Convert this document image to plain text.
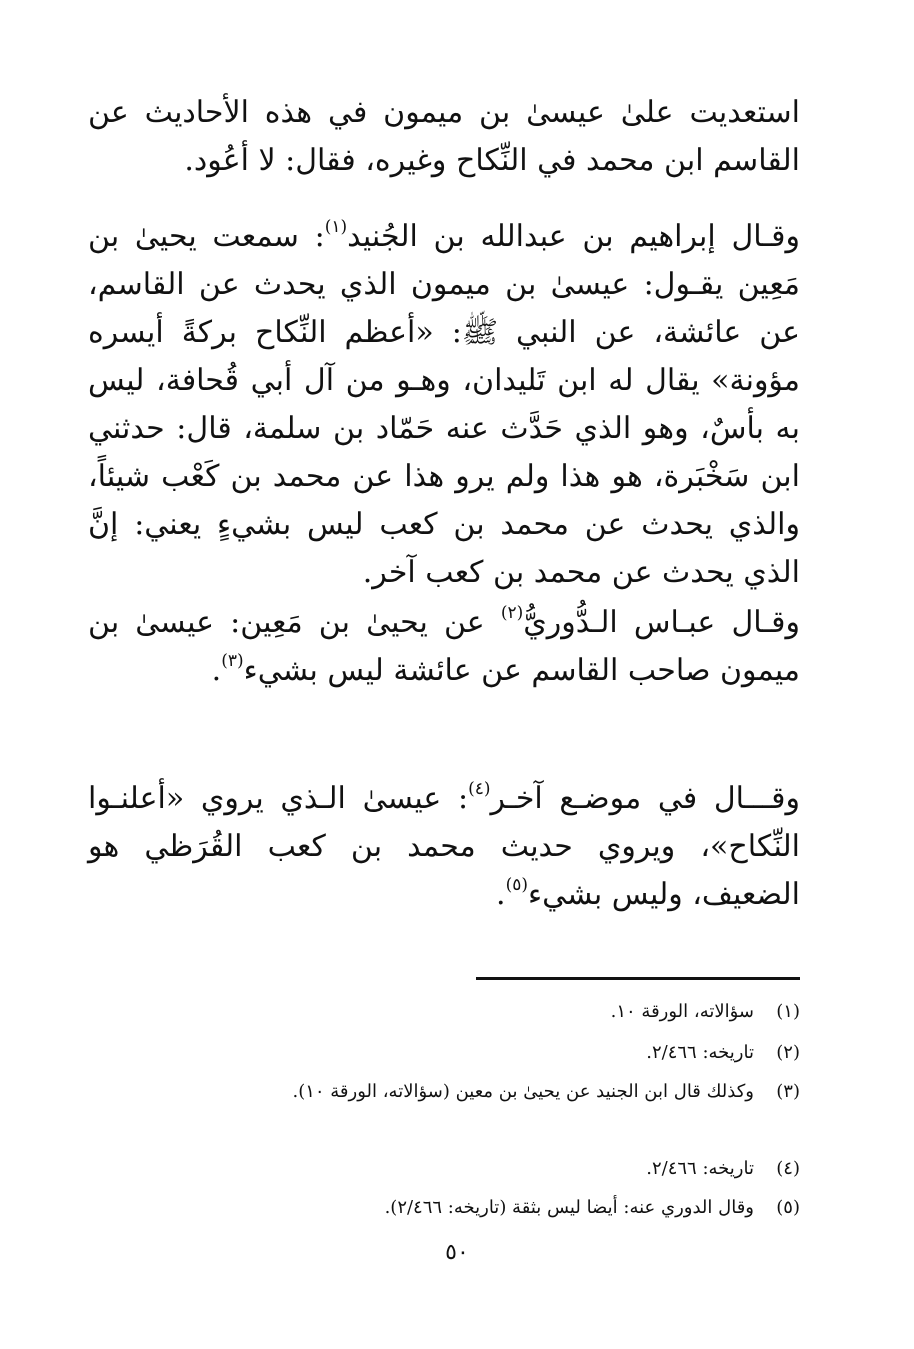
استعديت علىٰ عيسىٰ بن ميمون في هذه الأحاديث عن القاسم ابن محمد في النِّكاح وغيره، فقال: لا أعُود.

وقـال إبراهيم بن عبدالله بن الجُنيد$^{(١)}$: سمعت يحيىٰ بن مَعِين يقـول: عيسىٰ بن ميمون الذي يحدث عن القاسم، عن عائشة، عن النبي ﷺ: «أعظم النِّكاح بركةً أيسره مؤونة» يقال له ابن تَليدان، وهـو من آل أبي قُحافة، ليس به بأسٌ، وهو الذي حَدَّث عنه حَمّاد بن سلمة، قال: حدثني ابن سَخْبَرة، هو هذا ولم يرو هذا عن محمد بن كَعْب شيئاً، والذي يحدث عن محمد بن كعب ليس بشيءٍ يعني: إنَّ الذي يحدث عن محمد بن كعب آخر.

وقـال عبـاس الـدُّوريُّ$^{(٢)}$ عن يحيىٰ بن مَعِين: عيسىٰ بن ميمون صاحب القاسم عن عائشة ليس بشيء$^{(٣)}$.

وقـــال في موضـع آخـر$^{(٤)}$: عيسىٰ الـذي يروي «أعلنـوا النِّكاح»، ويروي حديث محمد بن كعب القُرَظي هو الضعيف، وليس بشيء$^{(٥)}$.

(١)سؤالاته، الورقة ١٠.

(٢)تاريخه: ٢/٤٦٦.

(٣)وكذلك قال ابن الجنيد عن يحيىٰ بن معين (سؤالاته، الورقة ١٠).

(٤)تاريخه: ٢/٤٦٦.

(٥)وقال الدوري عنه: أيضا ليس بثقة (تاريخه: ٢/٤٦٦).

٥٠
